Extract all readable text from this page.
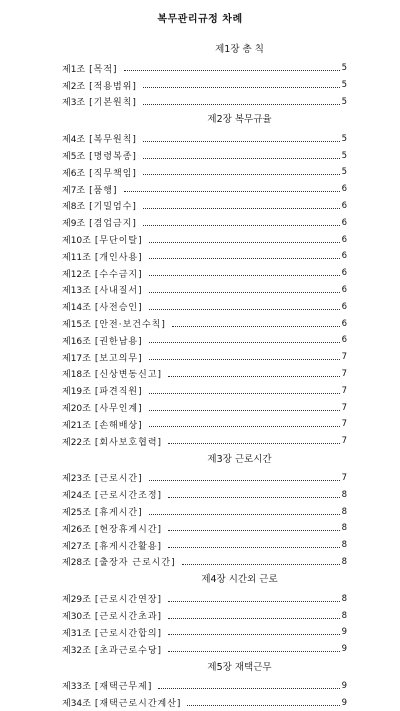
복무관리규정 차례
제1장 총 칙
제1조 [목적]	5
제2조 [적용범위]	5
제3조 [기본원칙]	5
제2장 복무규율
제4조 [복무원칙]	5
제5조 [명령복종]	5
제6조 [직무책임]	5
제7조 [품행]	6
제8조 [기밀엄수]	6
제9조 [겸업금지]	6
제10조 [무단이탈]	6
제11조 [개인사용]	6
제12조 [수수금지]	6
제13조 [사내질서]	6
제14조 [사전승인]	6
제15조 [안전·보건수칙]	6
제16조 [권한남용]	6
제17조 [보고의무]	7
제18조 [신상변동신고]	7
제19조 [파견직원]	7
제20조 [사무인계]	7
제21조 [손해배상]	7
제22조 [회사보호협력]	7
제3장 근로시간
제23조 [근로시간]	7
제24조 [근로시간조정]	8
제25조 [휴게시간]	8
제26조 [현장휴게시간]	8
제27조 [휴게시간활용]	8
제28조 [출장자 근로시간]	8
제4장 시간외 근로
제29조 [근로시간연장]	8
제30조 [근로시간초과]	8
제31조 [근로시간합의]	9
제32조 [초과근로수당]	9
제5장 재택근무
제33조 [재택근무제]	9
제34조 [재택근로시간계산]	9
